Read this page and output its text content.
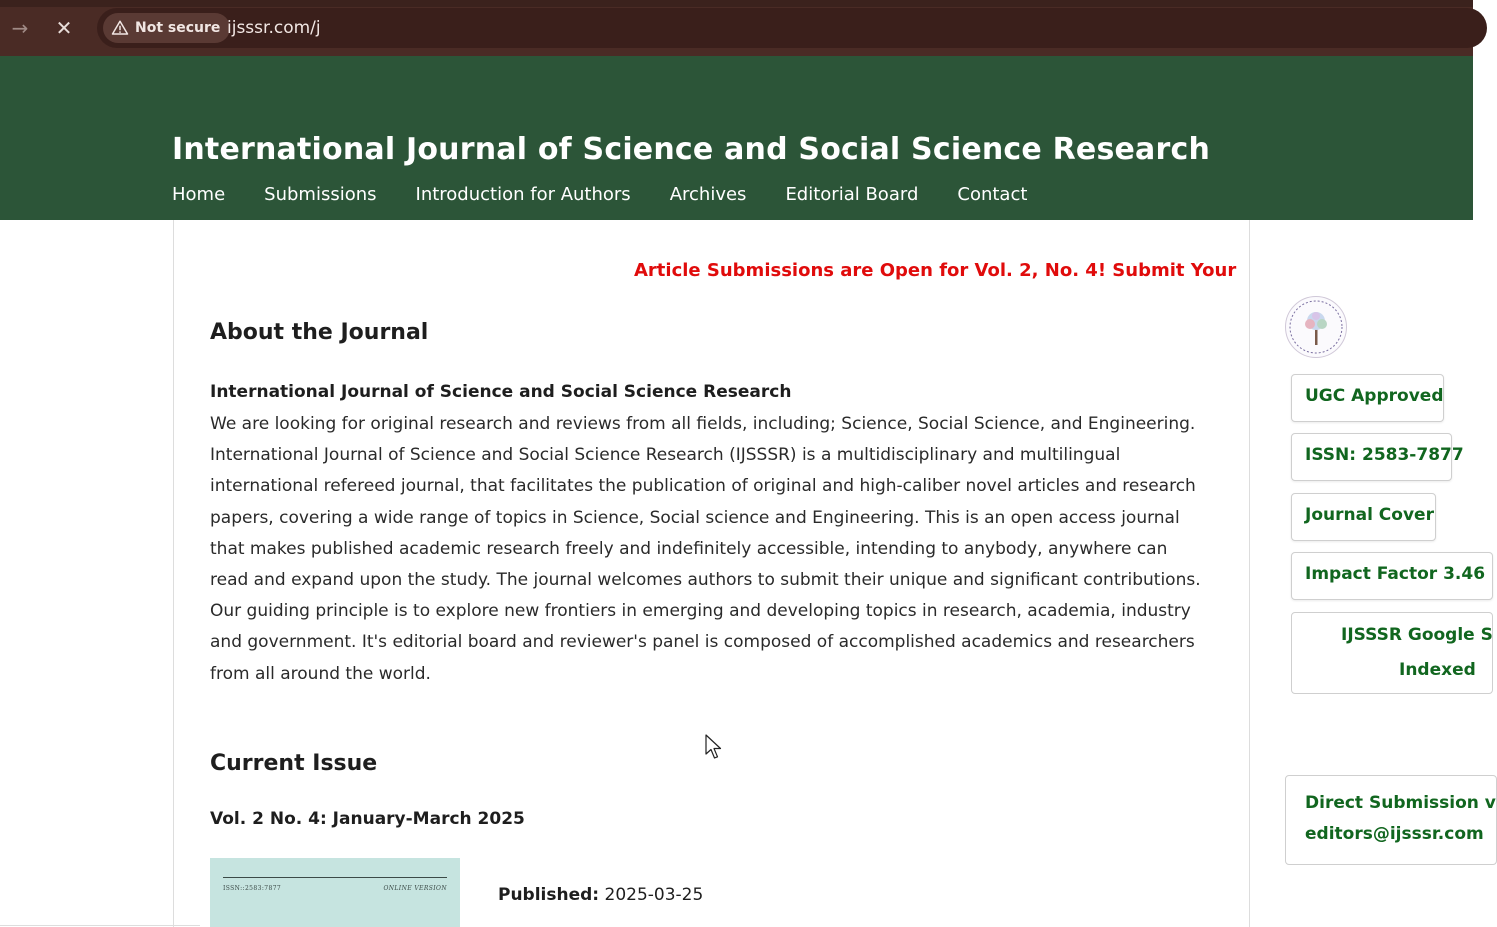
→ ✕	Not secure ijsssr.com/j
International Journal of Science and Social Science Research
Home Submissions Introduction for Authors Archives Editorial Board Contact
Article Submissions are Open for Vol. 2, No. 4! Submit Your
About the Journal
International Journal of Science and Social Science Research
We are looking for original research and reviews from all fields, including; Science, Social Science, and Engineering. International Journal of Science and Social Science Research (IJSSSR) is a multidisciplinary and multilingual international refereed journal, that facilitates the publication of original and high-caliber novel articles and research papers, covering a wide range of topics in Science, Social science and Engineering. This is an open access journal that makes published academic research freely and indefinitely accessible, intending to anybody, anywhere can read and expand upon the study. The journal welcomes authors to submit their unique and significant contributions. Our guiding principle is to explore new frontiers in emerging and developing topics in research, academia, industry and government. It's editorial board and reviewer's panel is composed of accomplished academics and researchers from all around the world.
Current Issue
Vol. 2 No. 4: January-March 2025
ISSN::2583:7877	ONLINE VERSION	Published: 2025-03-25
UGC Approved
ISSN: 2583-7877
Journal Cover
Impact Factor 3.46
IJSSSR Google S
Indexed
Direct Submission v
editors@ijsssr.com
